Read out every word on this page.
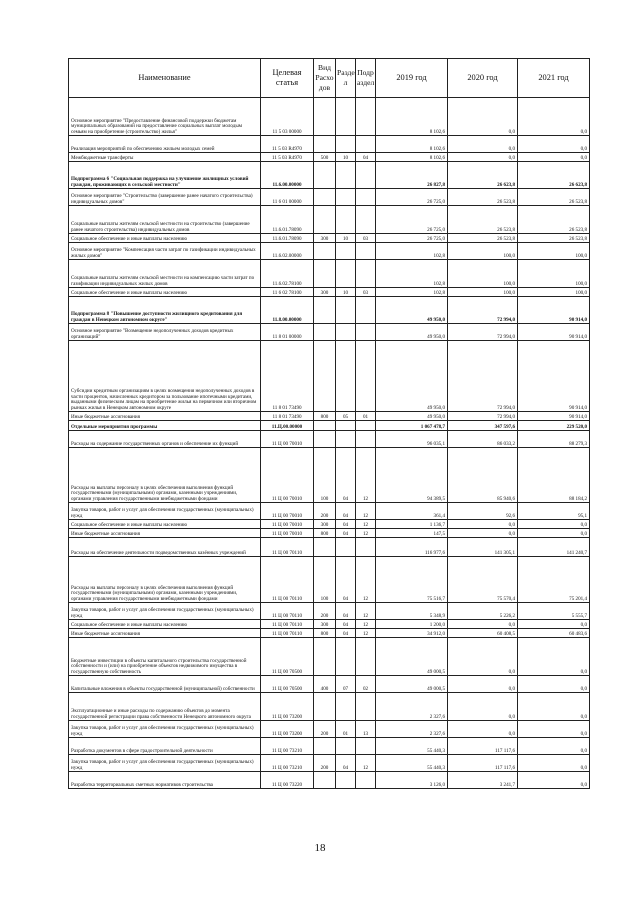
Наименование	Целевая статья	Вид Расхо дов	Разде л	Подр аздел	2019 год	2020 год	2021 год
Основное мероприятие "Предоставление финансовой поддержки бюджетам муниципальных образований на предоставление социальных выплат молодым семьям на приобретение (строительство) жилья"	11 5 03 00000				8 102,6	0,0	0,0
Реализация мероприятий по обеспечению жильем молодых семей	11 5 03 R4970				8 102,6	0,0	0,0
Межбюджетные трансферты	11 5 03 R4970	500	10	04	8 102,6	0,0	0,0
Подпрограмма 6 "Социальная поддержка на улучшение жилищных условий граждан, проживающих в сельской местности"	11.6.00.00000				26 827,8	26 623,8	26 623,8
Основное мероприятие "Строительство (завершение ранее начатого строительства) индивидуальных домов"	11 6 01 00000				26 725,0	26 523,8	26 523,8
Социальные выплаты жителям сельской местности на строительство (завершение ранее начатого строительства) индивидуальных домов	11.6.01.78090				26 725,0	26 523,8	26 523,8
Социальное обеспечение и иные выплаты населению	11.6.01.78090	300	10	03	26 725,0	26 523,8	26 523,8
Основное мероприятие "Компенсация части затрат по газификации индивидуальных жилых домов"	11.6.02.00000				102,8	100,0	100,0
Социальные выплаты жителям сельской местности на компенсацию части затрат по газификации индивидуальных жилых домов	11.6.02.78100				102,8	100,0	100,0
Социальное обеспечение и иные выплаты населению	11 6 02 78100	300	10	03	102,8	100,0	100,0
Подпрограмма 8 "Повышение доступности жилищного кредитования для граждан в Ненецком автономном округе"	11.8.00.00000				49 950,0	72 994,0	90 914,0
Основное мероприятие "Возмещение недополученных доходов кредитных организаций"	11 8 01 00000				49 950,0	72 994,0	90 914,0
Субсидии кредитным организациям в целях возмещения недополученных доходов в части процентов, начисленных кредитором за пользование ипотечными кредитами, выданными физическим лицам на приобретение жилья на первичном или вторичном рынках жилья в Ненецком автономном округе	11 8 01 73490				49 950,0	72 994,0	90 914,0
Иные бюджетные ассигнования	11 8 01 73490	800	05	01	49 950,0	72 994,0	90 914,0
Отдельные мероприятия программы	11.Ц.00.00000				1 067 478,7	347 597,6	229 520,0
Расходы на содержание государственных органов и обеспечение их функций	11 Ц 00 70010				96 035,1	86 033,2	88 279,3
Расходы на выплаты персоналу в целях обеспечения выполнения функций государственными (муниципальными) органами, казенными учреждениями, органами управления государственными внебюджетными фондами	11 Ц 00 70010	100	04	12	94 389,5	85 940,6	88 184,2
Закупка товаров, работ и услуг для обеспечения государственных (муниципальных) нужд	11 Ц 00 70010	200	04	12	361,4	92,6	95,1
Социальное обеспечение и иные выплаты населению	11 Ц 00 70010	300	04	12	1 136,7	0,0	0,0
Иные бюджетные ассигнования	11 Ц 00 70010	800	04	12	147,5	0,0	0,0
Расходы на обеспечение деятельности подведомственных казённых учреждений	11 Ц 00 70110				116 977,6	141 305,1	141 240,7
Расходы на выплаты персоналу в целях обеспечения выполнения функций государственными (муниципальными) органами, казенными учреждениями, органами управления государственными внебюджетными фондами	11 Ц 00 70110	100	04	12	75 516,7	75 570,4	75 201,4
Закупка товаров, работ и услуг для обеспечения государственных (муниципальных) нужд	11 Ц 00 70110	200	04	12	5 348,9	5 226,2	5 555,7
Социальное обеспечение и иные выплаты населению	11 Ц 00 70110	300	04	12	1 200,0	0,0	0,0
Иные бюджетные ассигнования	11 Ц 00 70110	800	04	12	34 912,0	60 408,5	60 483,6
Бюджетные инвестиции в объекты капитального строительства государственной собственности и (или) на приобретение объектов недвижимого имущества в государственную собственность	11 Ц 00 70500				49 000,5	0,0	0,0
Капитальные вложения в объекты государственной (муниципальной) собственности	11 Ц 00 70500	400	07	02	49 000,5	0,0	0,0
Эксплуатационные и иные расходы по содержанию объектов до момента государственной регистрации права собственности Ненецкого автономного округа	11 Ц 00 73200				2 327,6	0,0	0,0
Закупка товаров, работ и услуг для обеспечения государственных (муниципальных) нужд	11 Ц 00 73200	200	01	13	2 327,6	0,0	0,0
Разработка документов в сфере градостроительной деятельности	11 Ц 00 73210				55 440,3	117 117,6	0,0
Закупка товаров, работ и услуг для обеспечения государственных (муниципальных) нужд	11 Ц 00 73210	200	04	12	55 440,3	117 117,6	0,0
Разработка территориальных сметных нормативов строительства	11 Ц 00 73220				3 126,0	3 241,7	0,0
18
